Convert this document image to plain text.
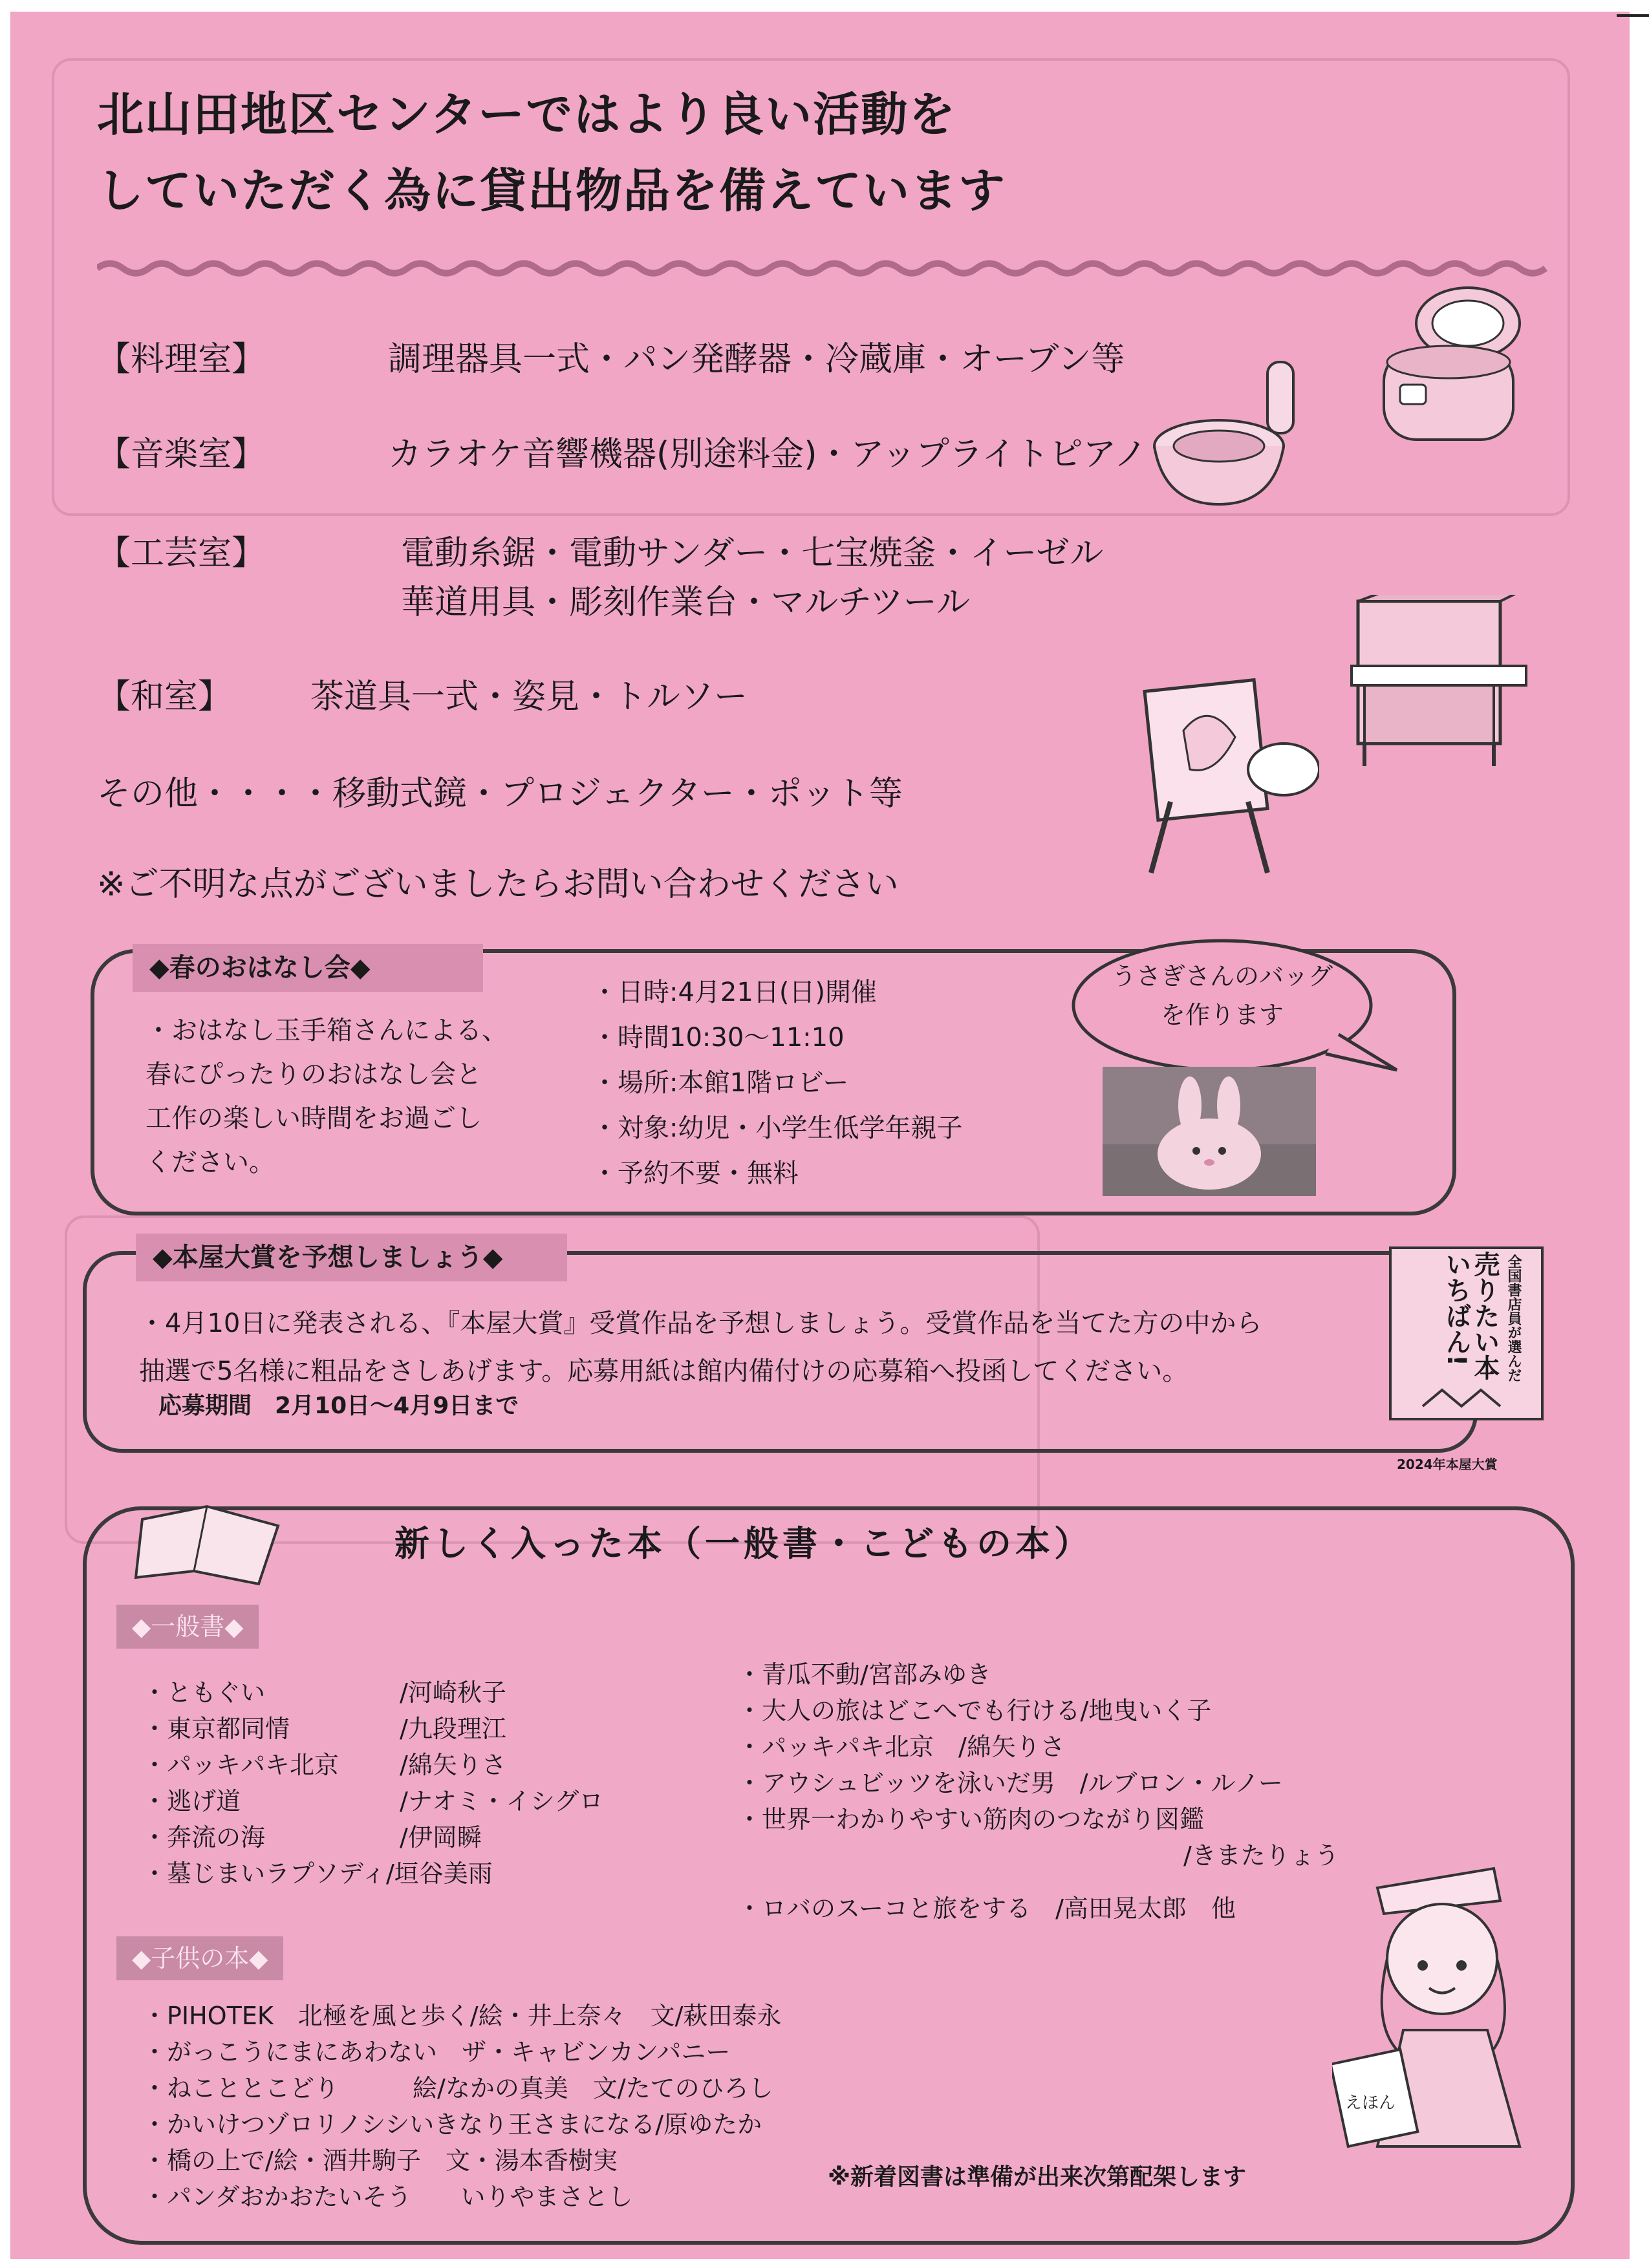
北山田地区センターではより良い活動を
していただく為に貸出物品を備えています
【料理室】	調理器具一式・パン発酵器・冷蔵庫・オーブン等
【音楽室】	カラオケ音響機器(別途料金)・アップライトピアノ
【工芸室】	電動糸鋸・電動サンダー・七宝焼釜・イーゼル
華道用具・彫刻作業台・マルチツール
【和室】 茶道具一式・姿見・トルソー
その他・・・・移動式鏡・プロジェクター・ポット等
※ご不明な点がございましたらお問い合わせください
◆春のおはなし会◆
・おはなし玉手箱さんによる、
春にぴったりのおはなし会と
工作の楽しい時間をお過ごし
ください。
・日時:4月21日(日)開催
・時間10:30～11:10
・場所:本館1階ロビー
・対象:幼児・小学生低学年親子
・予約不要・無料
うさぎさんのバッグ
を作ります
◆本屋大賞を予想しましょう◆
・4月10日に発表される、『本屋大賞』受賞作品を予想しましょう。受賞作品を当てた方の中から
抽選で5名様に粗品をさしあげます。応募用紙は館内備付けの応募箱へ投函してください。
応募期間　2月10日～4月9日まで
売りたい本
いちばん!	全国書店員が選んだ
2024年本屋大賞
新しく入った本（一般書・こどもの本）
◆一般書◆
・ともぐい	/河崎秋子
・東京都同情	/九段理江
・パッキパキ北京 /綿矢りさ
・逃げ道	/ナオミ・イシグロ
・奔流の海	/伊岡瞬
・墓じまいラプソディ/垣谷美雨
・青瓜不動/宮部みゆき
・大人の旅はどこへでも行ける/地曳いく子
・パッキパキ北京　/綿矢りさ
・アウシュビッツを泳いだ男　/ルブロン・ルノー
・世界一わかりやすい筋肉のつながり図鑑
/きまたりょう
・ロバのスーコと旅をする　/高田晃太郎　他
◆子供の本◆
・PIHOTEK　北極を風と歩く/絵・井上奈々　文/萩田泰永
・がっこうにまにあわない　ザ・キャビンカンパニー
・ねこととこどり　　　絵/なかの真美　文/たてのひろし
・かいけつゾロリノシシいきなり王さまになる/原ゆたか
・橋の上で/絵・酒井駒子　文・湯本香樹実
・パンダおかおたいそう　　いりやまさとし
※新着図書は準備が出来次第配架します
えほん
